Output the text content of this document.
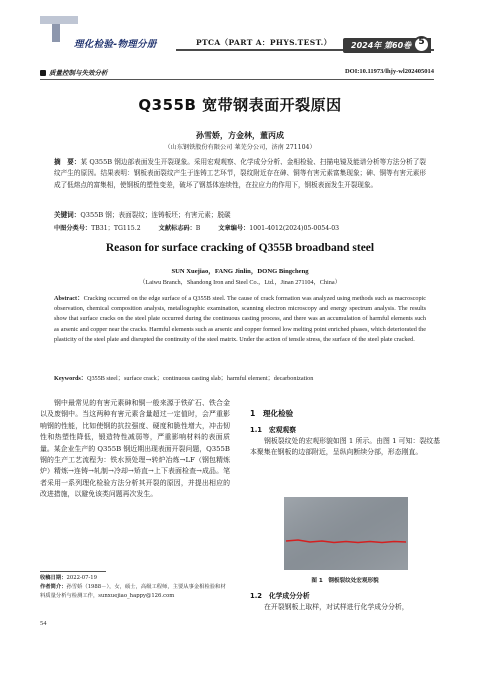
理化检验-物理分册	PTCA（PART A：PHYS.TEST.） 2024年 第60卷 5
质量控制与失效分析	DOI:10.11973/lhjy-wl202405014
Q355B 宽带钢表面开裂原因
孙雪娇，方金林，董丙成
（山东钢铁股份有限公司 莱芜分公司，济南 271104）
摘　要：某 Q355B 钢边部表面发生开裂现象。采用宏观观察、化学成分分析、金相检验、扫描电镜及能谱分析等方法分析了裂纹产生的原因。结果表明：钢板表面裂纹产生于连铸工艺环节，裂纹附近存在砷、铜等有害元素富集现象；砷、铜等有害元素形成了低熔点的富集相，使钢板的塑性变差，破坏了钢基体连续性，在拉应力的作用下，钢板表面发生开裂现象。
关键词：Q355B 钢；表面裂纹；连铸板坯；有害元素；脱碳
中图分类号：TB31；TG115.2	文献标志码：B	文章编号：1001-4012(2024)05-0054-03
Reason for surface cracking of Q355B broadband steel
SUN Xuejiao，FANG Jinlin，DONG Bingcheng
（Laiwu Branch，Shandong Iron and Steel Co.，Ltd.，Jinan 271104，China）
Abstract：Cracking occurred on the edge surface of a Q355B steel. The cause of crack formation was analyzed using methods such as macroscopic observation, chemical composition analysis, metallographic examination, scanning electron microscopy and energy spectrum analysis. The results show that surface cracks on the steel plate occurred during the continuous casting process, and there was an accumulation of harmful elements such as arsenic and copper near the cracks. Harmful elements such as arsenic and copper formed low melting point enriched phases, which deteriorated the plasticity of the steel plate and disrupted the continuity of the steel matrix. Under the action of tensile stress, the surface of the steel plate cracked.
Keywords：Q355B steel；surface crack；continuous casting slab；harmful element；decarbonization

钢中最常见的有害元素砷和铜一般来源于铁矿石、铁合金以及废钢中。当这两种有害元素含量超过一定值时，会严重影响钢的性能，比如使钢的抗拉强度、硬度和脆性增大，冲击韧性和热塑性降低，锻造特性减弱等，严重影响材料的表面质量。某企业生产的 Q355B 钢近期出现表面开裂问题，Q355B 钢的生产工艺流程为：铁水预处理→转炉冶炼→LF（钢包精炼炉）精炼→连铸→轧制→冷却→矫直→上下表面检查→成品。笔者采用一系列理化检验方法分析其开裂的原因，并提出相应的改进措施，以避免该类问题再次发生。

收稿日期：2022-07-19
作者简介：孙雪娇（1988－），女，硕士，高级工程师，主要从事金相检验和材料质量分析与检测工作，sunxuejiao_happy@126.com
54
1　理化检验
1.1　宏观观察

钢板裂纹处的宏观形貌如图 1 所示。由图 1 可知：裂纹基本聚集在钢板的边部附近，呈纵向断续分部，形态刚直。

图 1　钢板裂纹处宏观形貌
1.2　化学成分分析

在开裂钢板上取样，对试样进行化学成分分析，
